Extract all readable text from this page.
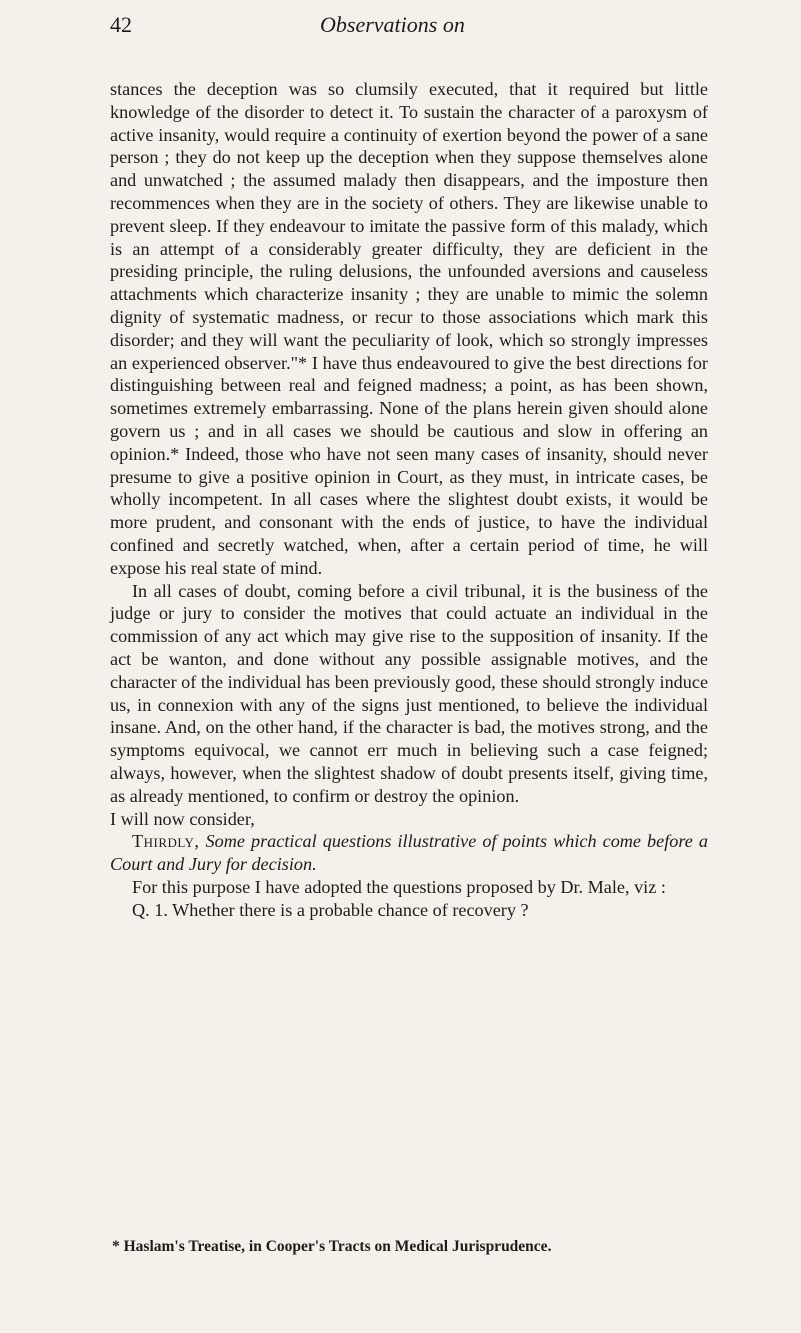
42	Observations on

stances the deception was so clumsily executed, that it required but little knowledge of the disorder to detect it. To sustain the character of a paroxysm of active insanity, would require a continuity of exertion beyond the power of a sane person ; they do not keep up the deception when they suppose themselves alone and unwatched ; the assumed malady then disappears, and the imposture then recommences when they are in the society of others. They are likewise unable to prevent sleep. If they endeavour to imitate the passive form of this malady, which is an attempt of a considerably greater difficulty, they are deficient in the presiding principle, the ruling delusions, the unfounded aversions and causeless attachments which characterize insanity ; they are unable to mimic the solemn dignity of systematic madness, or recur to those associations which mark this disorder; and they will want the peculiarity of look, which so strongly impresses an experienced observer."* I have thus endeavoured to give the best directions for distinguishing between real and feigned madness; a point, as has been shown, sometimes extremely embarrassing. None of the plans herein given should alone govern us ; and in all cases we should be cautious and slow in offering an opinion.* Indeed, those who have not seen many cases of insanity, should never presume to give a positive opinion in Court, as they must, in intricate cases, be wholly incompetent. In all cases where the slightest doubt exists, it would be more prudent, and consonant with the ends of justice, to have the individual confined and secretly watched, when, after a certain period of time, he will expose his real state of mind.

In all cases of doubt, coming before a civil tribunal, it is the business of the judge or jury to consider the motives that could actuate an individual in the commission of any act which may give rise to the supposition of insanity. If the act be wanton, and done without any possible assignable motives, and the character of the individual has been previously good, these should strongly induce us, in connexion with any of the signs just mentioned, to believe the individual insane. And, on the other hand, if the character is bad, the motives strong, and the symptoms equivocal, we cannot err much in believing such a case feigned; always, however, when the slightest shadow of doubt presents itself, giving time, as already mentioned, to confirm or destroy the opinion.

I will now consider,

Thirdly, Some practical questions illustrative of points which come before a Court and Jury for decision.

For this purpose I have adopted the questions proposed by Dr. Male, viz :

Q. 1. Whether there is a probable chance of recovery ?

* Haslam's Treatise, in Cooper's Tracts on Medical Jurisprudence.
